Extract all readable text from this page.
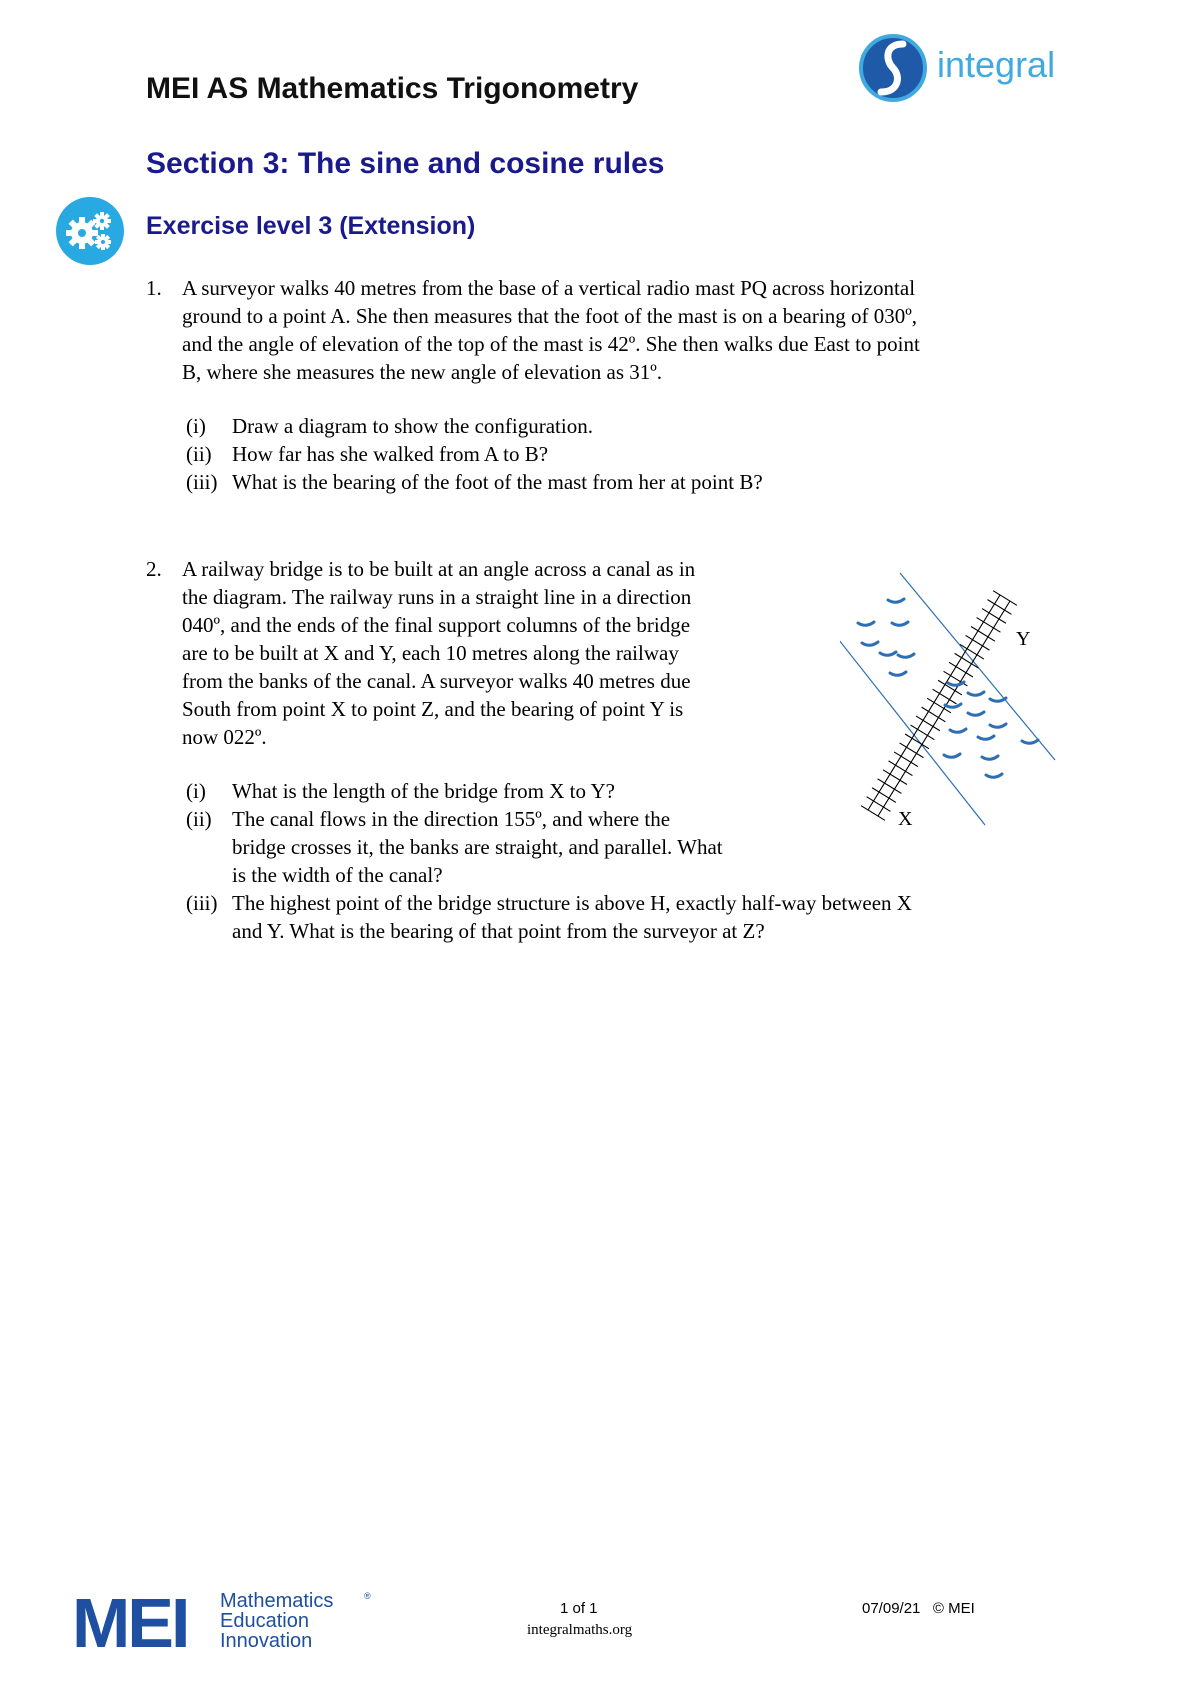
MEI AS Mathematics Trigonometry
integral
Section 3: The sine and cosine rules
Exercise level 3 (Extension)
1. A surveyor walks 40 metres from the base of a vertical radio mast PQ across horizontal

ground to a point A. She then measures that the foot of the mast is on a bearing of 030º,

and the angle of elevation of the top of the mast is 42º. She then walks due East to point

B, where she measures the new angle of elevation as 31º.

(i) Draw a diagram to show the configuration.
(ii) How far has she walked from A to B?
(iii) What is the bearing of the foot of the mast from her at point B?
2. A railway bridge is to be built at an angle across a canal as in

the diagram. The railway runs in a straight line in a direction

040º, and the ends of the final support columns of the bridge

are to be built at X and Y, each 10 metres along the railway

from the banks of the canal. A surveyor walks 40 metres due

South from point X to point Z, and the bearing of point Y is

now 022º.

(i) What is the length of the bridge from X to Y?
(ii) The canal flows in the direction 155º, and where the
bridge crosses it, the banks are straight, and parallel. What
is the width of the canal?
(iii) The highest point of the bridge structure is above H, exactly half-way between X
and Y. What is the bearing of that point from the surveyor at Z?
Y
X
MEI Mathematics
Education
Innovation
®
1 of 1
integralmaths.org
07/09/21 © MEI
